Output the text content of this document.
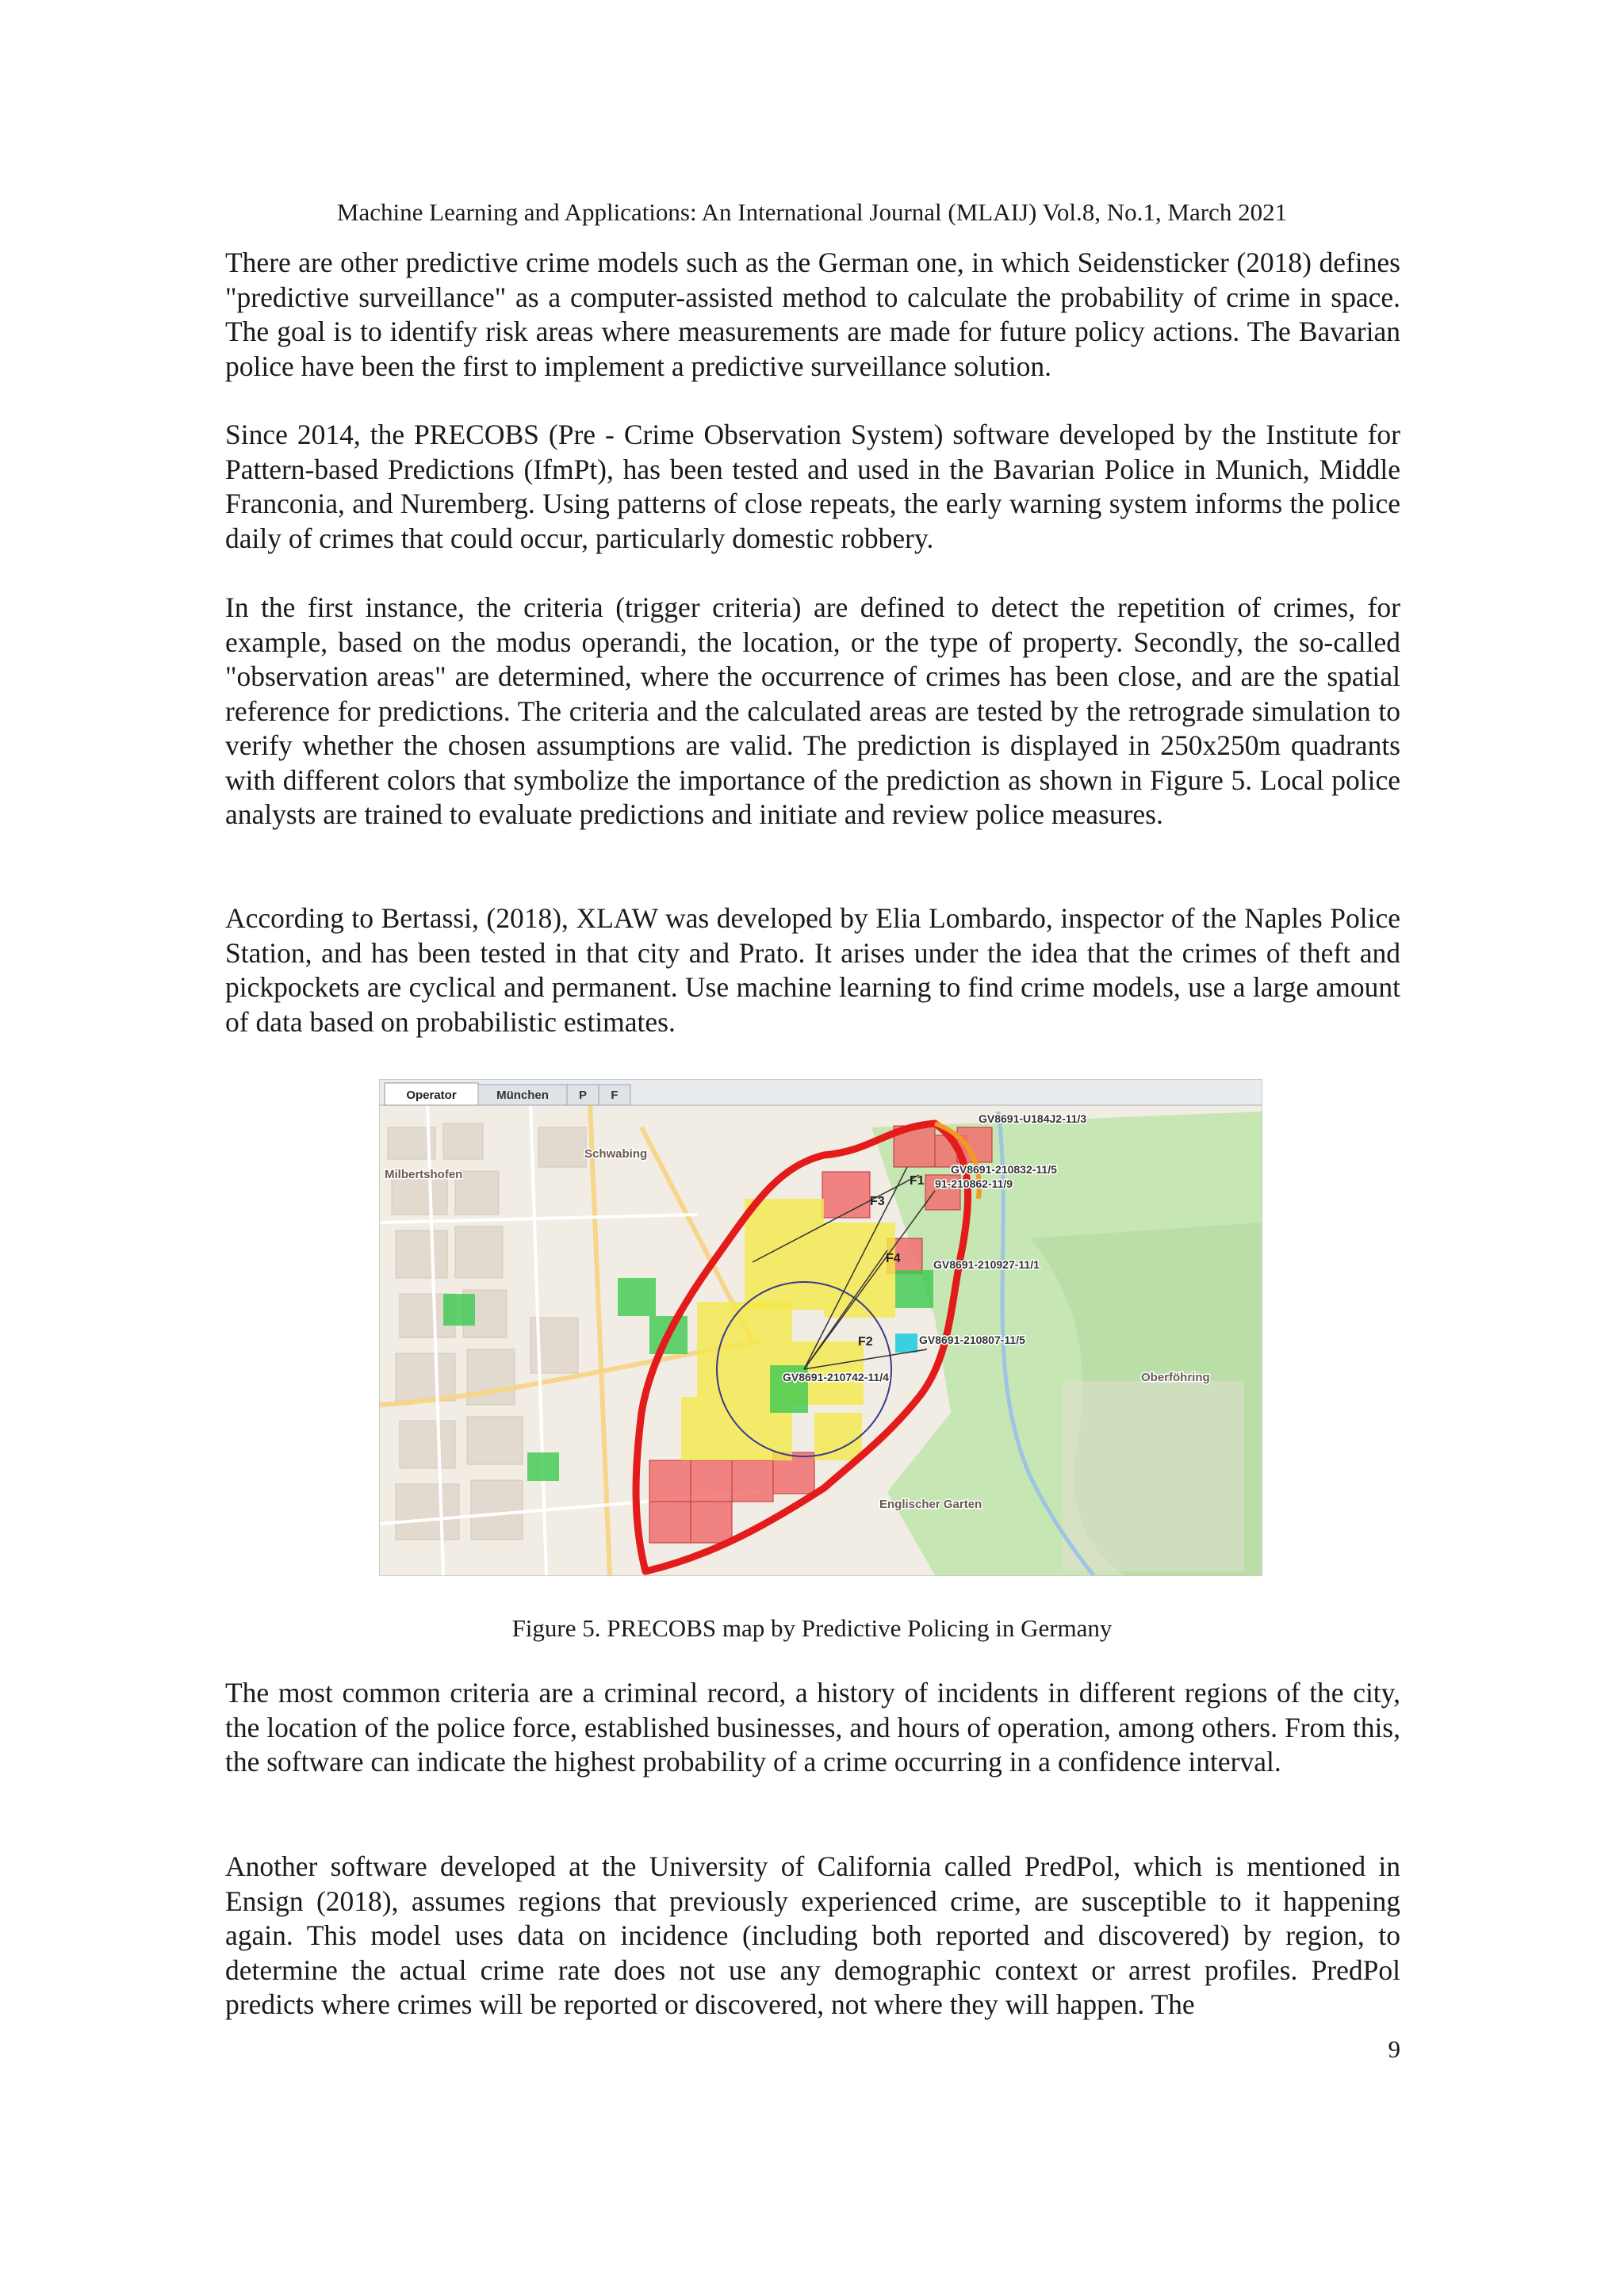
Machine Learning and Applications: An International Journal (MLAIJ) Vol.8, No.1, March 2021

There are other predictive crime models such as the German one, in which Seidensticker (2018) defines "predictive surveillance" as a computer-assisted method to calculate the probability of crime in space. The goal is to identify risk areas where measurements are made for future policy actions. The Bavarian police have been the first to implement a predictive surveillance solution.

Since 2014, the PRECOBS (Pre - Crime Observation System) software developed by the Institute for Pattern-based Predictions (IfmPt), has been tested and used in the Bavarian Police in Munich, Middle Franconia, and Nuremberg. Using patterns of close repeats, the early warning system informs the police daily of crimes that could occur, particularly domestic robbery.

In the first instance, the criteria (trigger criteria) are defined to detect the repetition of crimes, for example, based on the modus operandi, the location, or the type of property. Secondly, the so-called "observation areas" are determined, where the occurrence of crimes has been close, and are the spatial reference for predictions. The criteria and the calculated areas are tested by the retrograde simulation to verify whether the chosen assumptions are valid. The prediction is displayed in 250x250m quadrants with different colors that symbolize the importance of the prediction as shown in Figure 5. Local police analysts are trained to evaluate predictions and initiate and review police measures.

According to Bertassi, (2018), XLAW was developed by Elia Lombardo, inspector of the Naples Police Station, and has been tested in that city and Prato. It arises under the idea that the crimes of theft and pickpockets are cyclical and permanent. Use machine learning to find crime models, use a large amount of data based on probabilistic estimates.

F1
F2
F3
F4
GV8691-210832-11/5
91-210862-11/9
GV8691-210927-11/1
GV8691-210807-11/5
GV8691-210742-11/4
GV8691-U184J2-11/3
Milbertshofen
Schwabing
Oberföhring
Englischer Garten
Operator	München	P F
Figure 5. PRECOBS map by Predictive Policing in Germany

The most common criteria are a criminal record, a history of incidents in different regions of the city, the location of the police force, established businesses, and hours of operation, among others. From this, the software can indicate the highest probability of a crime occurring in a confidence interval.

Another software developed at the University of California called PredPol, which is mentioned in Ensign (2018), assumes regions that previously experienced crime, are susceptible to it happening again. This model uses data on incidence (including both reported and discovered) by region, to determine the actual crime rate does not use any demographic context or arrest profiles. PredPol predicts where crimes will be reported or discovered, not where they will happen. The

9
